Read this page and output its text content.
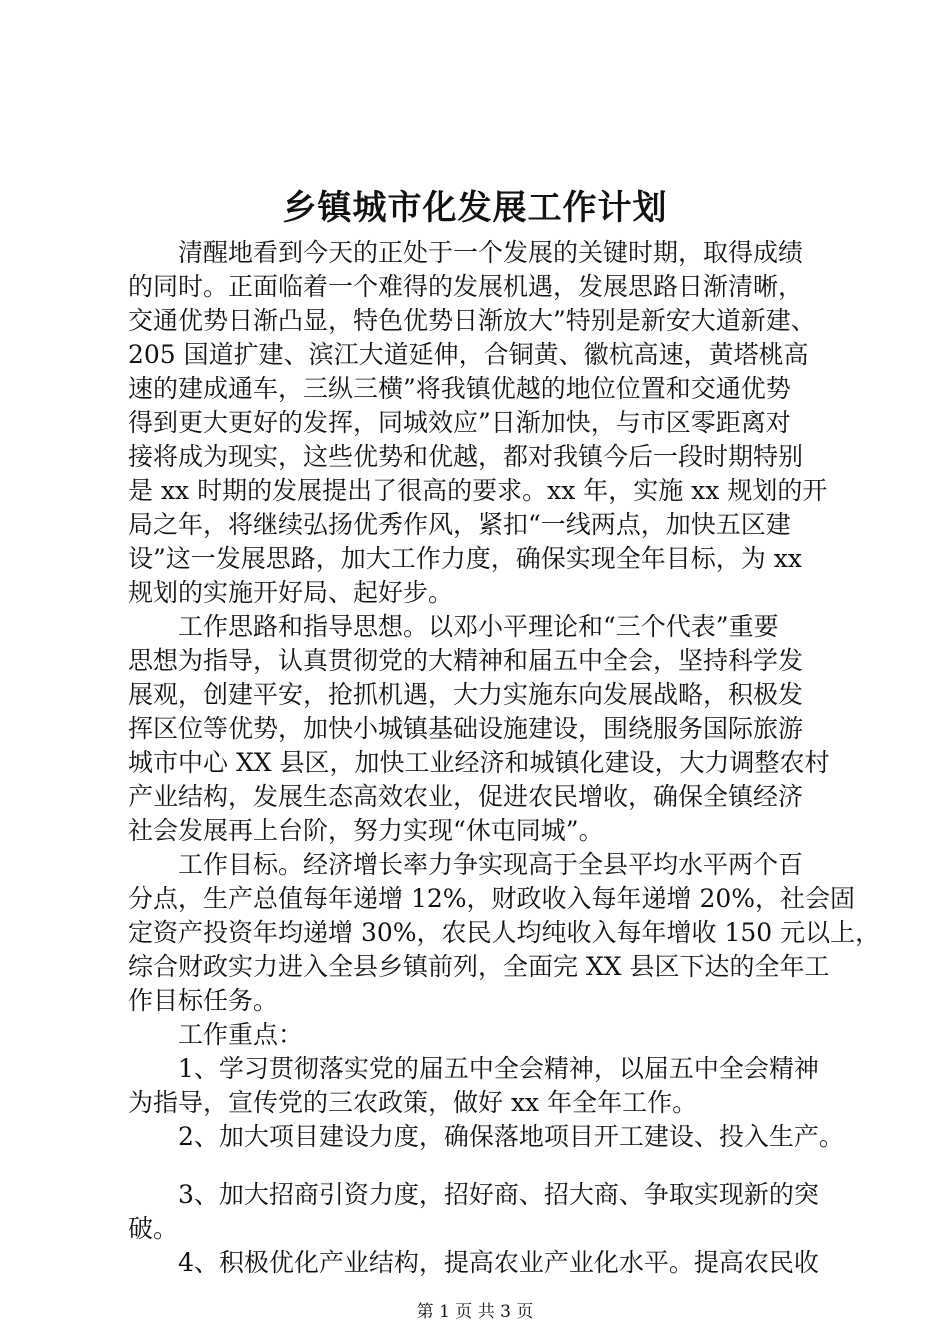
乡镇城市化发展工作计划
　　清醒地看到今天的正处于一个发展的关键时期，取得成绩
的同时。正面临着一个难得的发展机遇，发展思路日渐清晰，
交通优势日渐凸显，特色优势日渐放大”特别是新安大道新建、
205 国道扩建、滨江大道延伸，合铜黄、徽杭高速，黄塔桃高
速的建成通车，三纵三横”将我镇优越的地位位置和交通优势
得到更大更好的发挥，同城效应”日渐加快，与市区零距离对
接将成为现实，这些优势和优越，都对我镇今后一段时期特别
是 xx 时期的发展提出了很高的要求。xx 年，实施 xx 规划的开
局之年，将继续弘扬优秀作风，紧扣“一线两点，加快五区建
设”这一发展思路，加大工作力度，确保实现全年目标，为 xx
规划的实施开好局、起好步。
　　工作思路和指导思想。以邓小平理论和“三个代表”重要
思想为指导，认真贯彻党的大精神和届五中全会，坚持科学发
展观，创建平安，抢抓机遇，大力实施东向发展战略，积极发
挥区位等优势，加快小城镇基础设施建设，围绕服务国际旅游
城市中心 XX 县区，加快工业经济和城镇化建设，大力调整农村
产业结构，发展生态高效农业，促进农民增收，确保全镇经济
社会发展再上台阶，努力实现“休屯同城”。
　　工作目标。经济增长率力争实现高于全县平均水平两个百
分点，生产总值每年递增 12%，财政收入每年递增 20%，社会固
定资产投资年均递增 30%，农民人均纯收入每年增收 150 元以上，
综合财政实力进入全县乡镇前列，全面完 XX 县区下达的全年工
作目标任务。
　　工作重点：
　　1、学习贯彻落实党的届五中全会精神，以届五中全会精神
为指导，宣传党的三农政策，做好 xx 年全年工作。
　　2、加大项目建设力度，确保落地项目开工建设、投入生产。
　　3、加大招商引资力度，招好商、招大商、争取实现新的突
破。
　　4、积极优化产业结构，提高农业产业化水平。提高农民收
第 1 页 共 3 页
